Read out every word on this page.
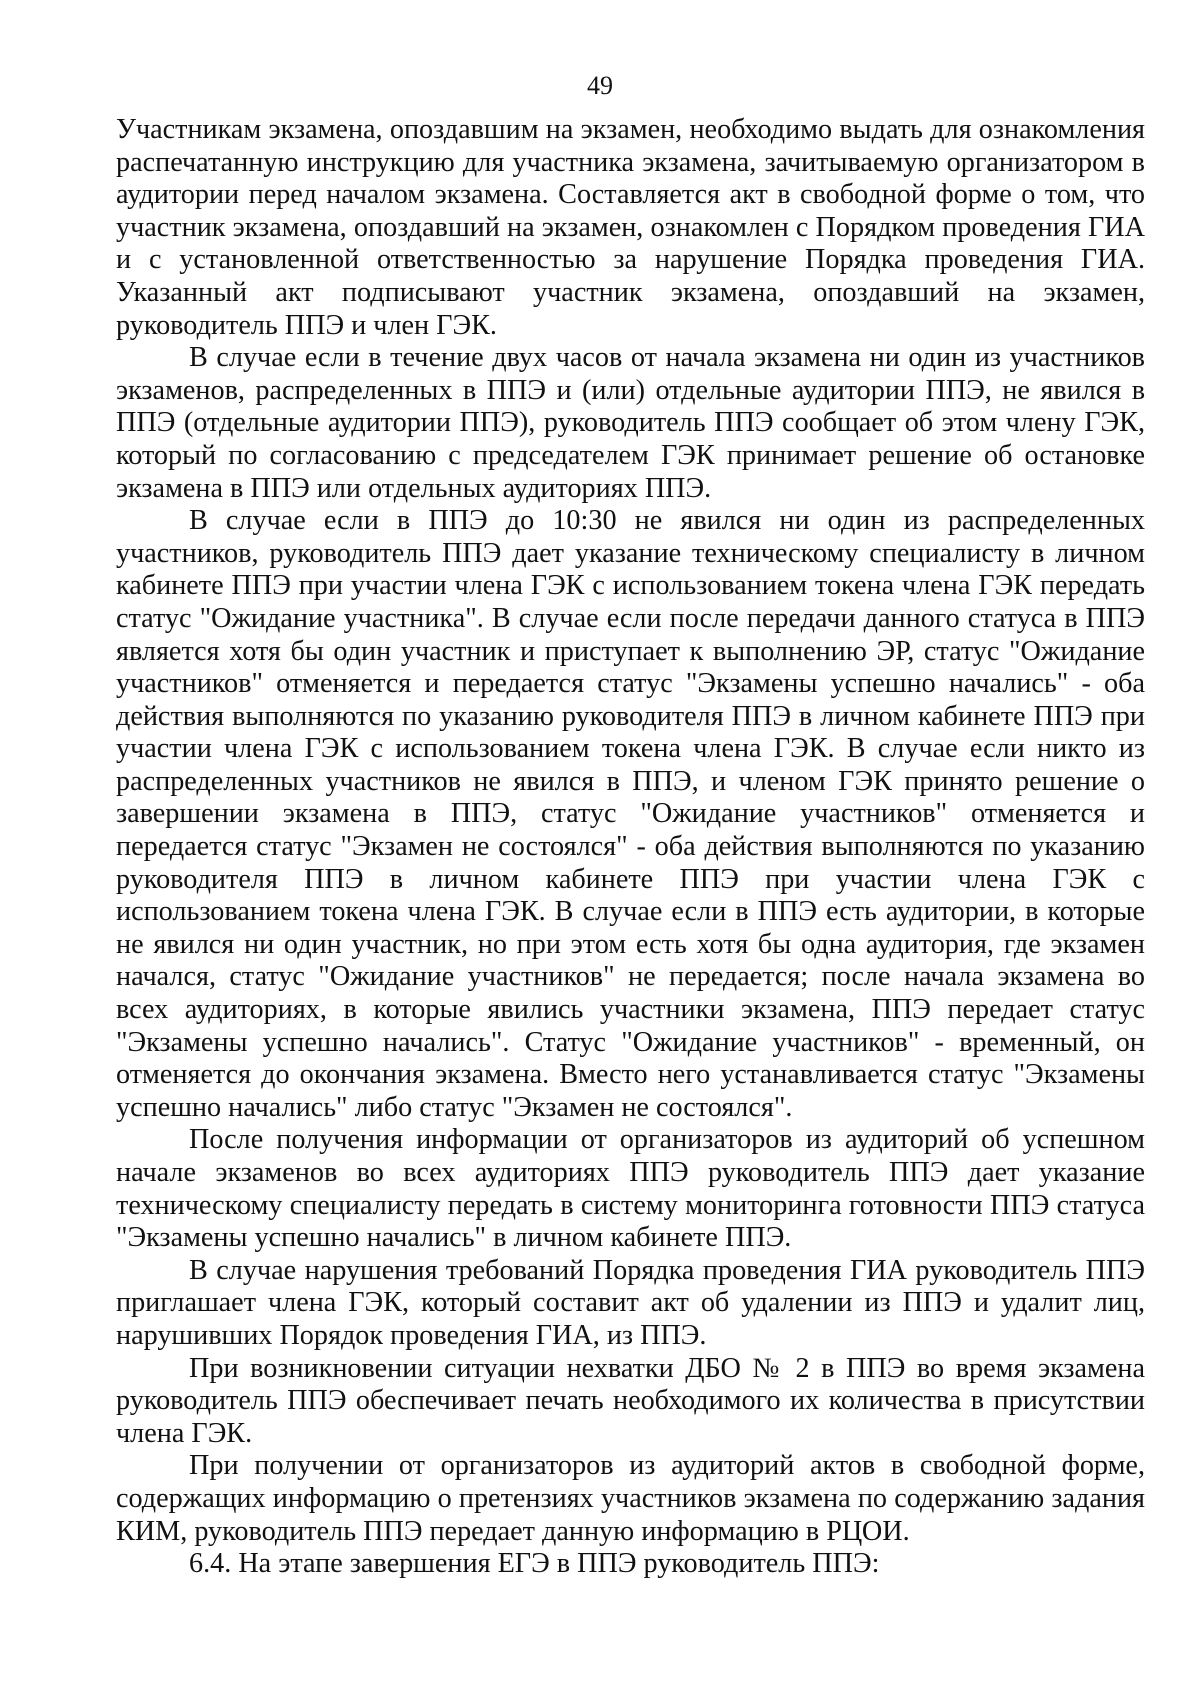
49

Участникам экзамена, опоздавшим на экзамен, необходимо выдать для ознакомления распечатанную инструкцию для участника экзамена, зачитываемую организатором в аудитории перед началом экзамена. Составляется акт в свободной форме о том, что участник экзамена, опоздавший на экзамен, ознакомлен с Порядком проведения ГИА и с установленной ответственностью за нарушение Порядка проведения ГИА. Указанный акт подписывают участник экзамена, опоздавший на экзамен, руководитель ППЭ и член ГЭК.

В случае если в течение двух часов от начала экзамена ни один из участников экзаменов, распределенных в ППЭ и (или) отдельные аудитории ППЭ, не явился в ППЭ (отдельные аудитории ППЭ), руководитель ППЭ сообщает об этом члену ГЭК, который по согласованию с председателем ГЭК принимает решение об остановке экзамена в ППЭ или отдельных аудиториях ППЭ.

В случае если в ППЭ до 10:30 не явился ни один из распределенных участников, руководитель ППЭ дает указание техническому специалисту в личном кабинете ППЭ при участии члена ГЭК с использованием токена члена ГЭК передать статус "Ожидание участника". В случае если после передачи данного статуса в ППЭ является хотя бы один участник и приступает к выполнению ЭР, статус "Ожидание участников" отменяется и передается статус "Экзамены успешно начались" - оба действия выполняются по указанию руководителя ППЭ в личном кабинете ППЭ при участии члена ГЭК с использованием токена члена ГЭК. В случае если никто из распределенных участников не явился в ППЭ, и членом ГЭК принято решение о завершении экзамена в ППЭ, статус "Ожидание участников" отменяется и передается статус "Экзамен не состоялся" - оба действия выполняются по указанию руководителя ППЭ в личном кабинете ППЭ при участии члена ГЭК с использованием токена члена ГЭК. В случае если в ППЭ есть аудитории, в которые не явился ни один участник, но при этом есть хотя бы одна аудитория, где экзамен начался, статус "Ожидание участников" не передается; после начала экзамена во всех аудиториях, в которые явились участники экзамена, ППЭ передает статус "Экзамены успешно начались". Статус "Ожидание участников" - временный, он отменяется до окончания экзамена. Вместо него устанавливается статус "Экзамены успешно начались" либо статус "Экзамен не состоялся".

После получения информации от организаторов из аудиторий об успешном начале экзаменов во всех аудиториях ППЭ руководитель ППЭ дает указание техническому специалисту передать в систему мониторинга готовности ППЭ статуса "Экзамены успешно начались" в личном кабинете ППЭ.

В случае нарушения требований Порядка проведения ГИА руководитель ППЭ приглашает члена ГЭК, который составит акт об удалении из ППЭ и удалит лиц, нарушивших Порядок проведения ГИА, из ППЭ.

При возникновении ситуации нехватки ДБО № 2 в ППЭ во время экзамена руководитель ППЭ обеспечивает печать необходимого их количества в присутствии члена ГЭК.

При получении от организаторов из аудиторий актов в свободной форме, содержащих информацию о претензиях участников экзамена по содержанию задания КИМ, руководитель ППЭ передает данную информацию в РЦОИ.

6.4. На этапе завершения ЕГЭ в ППЭ руководитель ППЭ:
